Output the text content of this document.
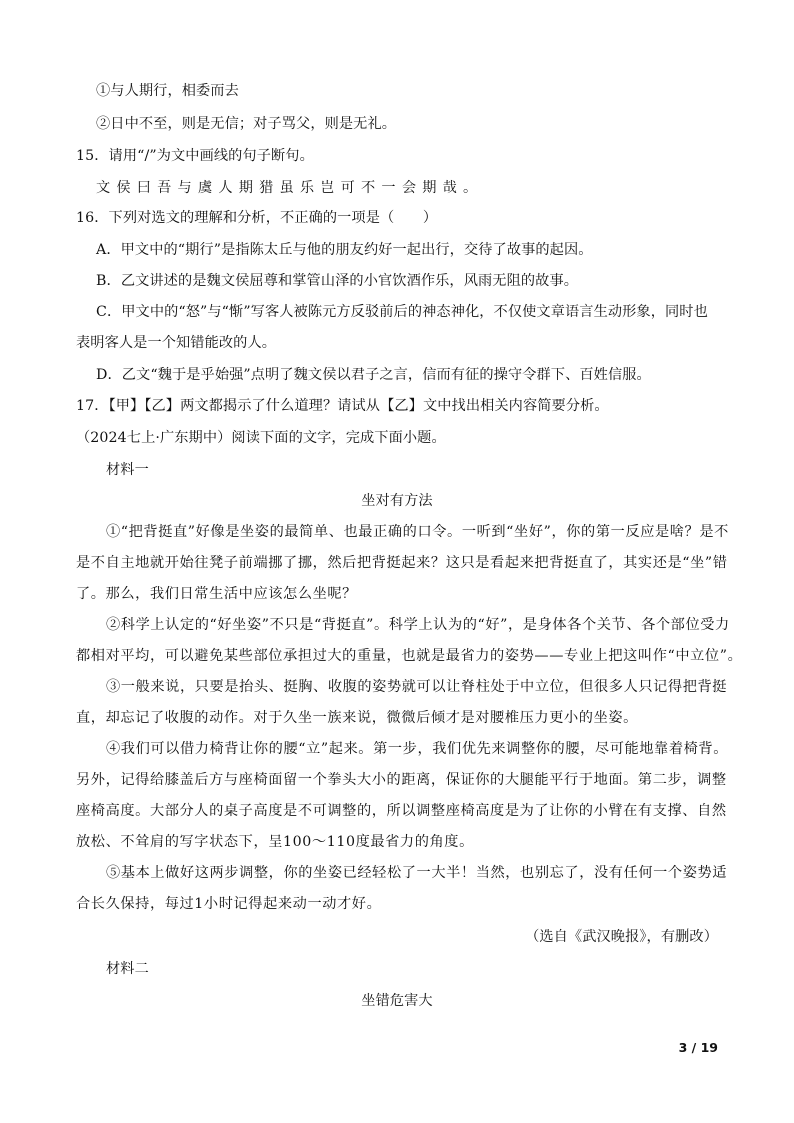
①与人期行，相委而去
②日中不至，则是无信；对子骂父，则是无礼。
15．请用“/”为文中画线的句子断句。
文侯曰吾与虞人期猎虽乐岂可不一会期哉。
16．下列对选文的理解和分析，不正确的一项是（　　）
A．甲文中的“期行”是指陈太丘与他的朋友约好一起出行，交待了故事的起因。
B．乙文讲述的是魏文侯屈尊和掌管山泽的小官饮酒作乐，风雨无阻的故事。
C．甲文中的“怒”与“惭”写客人被陈元方反驳前后的神态神化，不仅使文章语言生动形象，同时也
表明客人是一个知错能改的人。
D．乙文“魏于是乎始强”点明了魏文侯以君子之言，信而有征的操守令群下、百姓信服。
17．【甲】【乙】两文都揭示了什么道理？请试从【乙】文中找出相关内容简要分析。
（2024七上·广东期中）阅读下面的文字，完成下面小题。
材料一
坐对有方法
①“把背挺直”好像是坐姿的最简单、也最正确的口令。一听到“坐好”，你的第一反应是啥？是不
是不自主地就开始往凳子前端挪了挪，然后把背挺起来？这只是看起来把背挺直了，其实还是“坐”错
了。那么，我们日常生活中应该怎么坐呢？
②科学上认定的“好坐姿”不只是“背挺直”。科学上认为的“好”，是身体各个关节、各个部位受力
都相对平均，可以避免某些部位承担过大的重量，也就是最省力的姿势——专业上把这叫作“中立位”。
③一般来说，只要是抬头、挺胸、收腹的姿势就可以让脊柱处于中立位，但很多人只记得把背挺
直，却忘记了收腹的动作。对于久坐一族来说，微微后倾才是对腰椎压力更小的坐姿。
④我们可以借力椅背让你的腰“立”起来。第一步，我们优先来调整你的腰，尽可能地靠着椅背。
另外，记得给膝盖后方与座椅面留一个拳头大小的距离，保证你的大腿能平行于地面。第二步，调整
座椅高度。大部分人的桌子高度是不可调整的，所以调整座椅高度是为了让你的小臂在有支撑、自然
放松、不耸肩的写字状态下，呈100～110度最省力的角度。
⑤基本上做好这两步调整，你的坐姿已经轻松了一大半！当然，也别忘了，没有任何一个姿势适
合长久保持，每过1小时记得起来动一动才好。
（选自《武汉晚报》，有删改）
材料二
坐错危害大
3 / 19
